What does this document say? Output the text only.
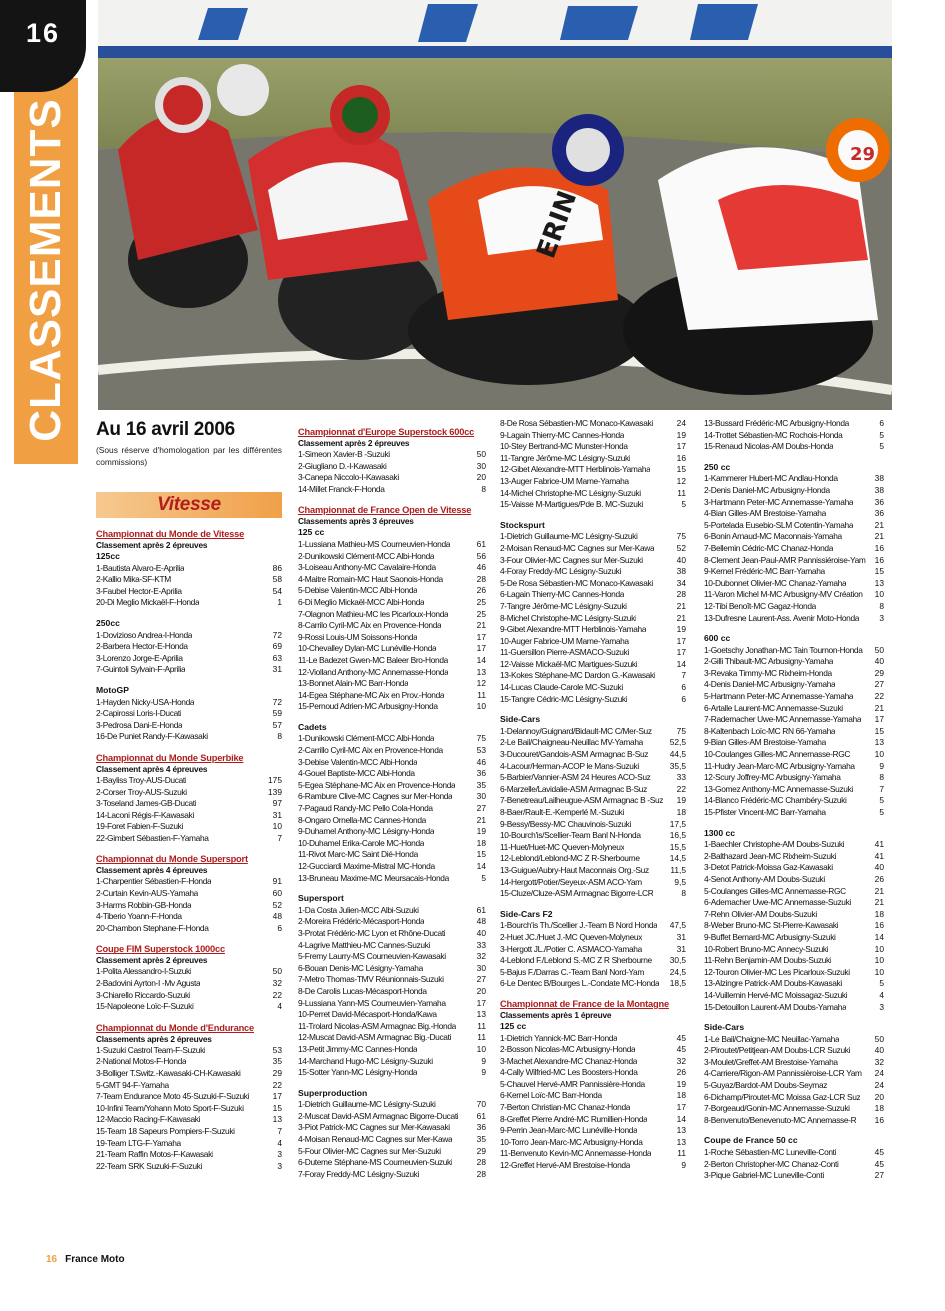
CLASSEMENTS
16
ERIN
29
Au 16 avril 2006
(Sous réserve d'homologation par les différentes commissions)
Vitesse
Championnat du Monde de Vitesse
Classement après 2 épreuves
125cc
1-Bautista Alvaro-E-Aprilia	86
2-Kallio Mika-SF-KTM	58
3-Faubel Hector-E-Aprilia	54
20-Di Meglio Mickaël-F-Honda	1
250cc
1-Dovizioso Andrea-I-Honda	72
2-Barbera Hector-E-Honda	69
3-Lorenzo Jorge-E-Aprilia	63
7-Guintoli Sylvain-F-Aprilia	31
MotoGP
1-Hayden Nicky-USA-Honda	72
2-Capirossi Loris-I-Ducati	59
3-Pedrosa Dani-E-Honda	57
16-De Puniet Randy-F-Kawasaki	8
Championnat du Monde Superbike
Classement après 4 épreuves
1-Bayliss Troy-AUS-Ducati	175
2-Corser Troy-AUS-Suzuki	139
3-Toseland James-GB-Ducati	97
14-Laconi Régis-F-Kawasaki	31
19-Foret Fabien-F-Suzuki	10
22-Gimbert Sébastien-F-Yamaha	7
Championnat du Monde Supersport
Classement après 4 épreuves
1-Charpentier Sébastien-F-Honda	91
2-Curtain Kevin-AUS-Yamaha	60
3-Harms Robbin-GB-Honda	52
4-Tiberio Yoann-F-Honda	48
20-Chambon Stephane-F-Honda	6
Coupe FIM Superstock 1000cc
Classement après 2 épreuves
1-Polita Alessandro-I-Suzuki	50
2-Badovini Ayrton-I -Mv Agusta	32
3-Chiarello Riccardo-Suzuki	22
15-Napoleone Loïc-F-Suzuki	4
Championnat du Monde d'Endurance
Classements après 2 épreuves
1-Suzuki Castrol Team-F-Suzuki	53
2-National Motos-F-Honda	35
3-Bolliger T.Switz.-Kawasaki-CH-Kawasaki	29
5-GMT 94-F-Yamaha	22
7-Team Endurance Moto 45-Suzuki-F-Suzuki	17
10-Infini Team/Yohann Moto Sport-F-Suzuki	15
12-Maccio Racing-F-Kawasaki	13
15-Team 18 Sapeurs Pompiers-F-Suzuki	7
19-Team LTG-F-Yamaha	4
21-Team Raffin Motos-F-Kawasaki	3
22-Team SRK Suzuki-F-Suzuki	3
Championnat d'Europe Superstock 600cc
Classement après 2 épreuves
1-Simeon Xavier-B -Suzuki	50
2-Giugliano D.-I-Kawasaki	30
3-Canepa Niccolo-I-Kawasaki	20
14-Millet Franck-F-Honda	8
Championnat de France Open de Vitesse
Classements après 3 épreuves
125 cc
1-Lussiana Mathieu-MS Courneuvien-Honda	61
2-Dunikowski Clément-MCC Albi-Honda	56
3-Loiseau Anthony-MC Cavalaire-Honda	46
4-Maitre Romain-MC Haut Saonois-Honda	28
5-Debise Valentin-MCC Albi-Honda	26
6-Di Meglio Mickaël-MCC Albi-Honda	25
7-Olagnon Mathieu-MC les Picarloux-Honda	25
8-Carrilo Cyril-MC Aix en Provence-Honda	21
9-Rossi Louis-UM Soissons-Honda	17
10-Chevalley Dylan-MC Lunéville-Honda	17
11-Le Badezet Gwen-MC Baleer Bro-Honda	14
12-Violland Anthony-MC Annemasse-Honda	13
13-Bonnet Alain-MC Barr-Honda	12
14-Egea Stéphane-MC Aix en Prov.-Honda	11
15-Pernoud Adrien-MC Arbusigny-Honda	10
Cadets
1-Dunikowski Clément-MCC Albi-Honda	75
2-Carrillo Cyril-MC Aix en Provence-Honda	53
3-Debise Valentin-MCC Albi-Honda	46
4-Gouel Baptiste-MCC Albi-Honda	36
5-Egea Stéphane-MC Aix en Provence-Honda	35
6-Rambure Clive-MC Cagnes sur Mer-Honda	30
7-Pagaud Randy-MC Pello Cola-Honda	27
8-Ongaro Ornella-MC Cannes-Honda	21
9-Duhamel Anthony-MC Lésigny-Honda	19
10-Duhamel Erika-Carole MC-Honda	18
11-Rivot Marc-MC Saint Dié-Honda	15
12-Gucciardi Maxime-Mistral MC-Honda	14
13-Bruneau Maxime-MC Meursacais-Honda	5
Supersport
1-Da Costa Julien-MCC Albi-Suzuki	61
2-Moreira Frédéric-Mécasport-Honda	48
3-Protat Frédéric-MC Lyon et Rhône-Ducati	40
4-Lagrive Matthieu-MC Cannes-Suzuki	33
5-Fremy Laurry-MS Courneuvien-Kawasaki	32
6-Bouan Denis-MC Lésigny-Yamaha	30
7-Metro Thomas-TMV Réunionnais-Suzuki	27
8-De Carolis Lucas-Mécasport-Honda	20
9-Lussiana Yann-MS Courneuvien-Yamaha	17
10-Perret David-Mécasport-Honda/Kawa	13
11-Trolard Nicolas-ASM Armagnac Big.-Honda	11
12-Muscat David-ASM Armagnac Big.-Ducati	11
13-Petit Jimmy-MC Cannes-Honda	10
14-Marchand Hugo-MC Lésigny-Suzuki	9
15-Sotter Yann-MC Lésigny-Honda	9
Superproduction
1-Dietrich Guillaume-MC Lésigny-Suzuki	70
2-Muscat David-ASM Armagnac Bigorre-Ducati	61
3-Piot Patrick-MC Cagnes sur Mer-Kawasaki	36
4-Moisan Renaud-MC Cagnes sur Mer-Kawa	35
5-Four Olivier-MC Cagnes sur Mer-Suzuki	29
6-Duteme Stéphane-MS Courneuvien-Suzuki	28
7-Foray Freddy-MC Lésigny-Suzuki	28
8-De Rosa Sébastien-MC Monaco-Kawasaki	24
9-Lagain Thierry-MC Cannes-Honda	19
10-Stey Bertrand-MC Munster-Honda	17
11-Tangre Jérôme-MC Lésigny-Suzuki	16
12-Gibet Alexandre-MTT Herblinois-Yamaha	15
13-Auger Fabrice-UM Marne-Yamaha	12
14-Michel Christophe-MC Lésigny-Suzuki	11
15-Vaisse M-Martigues/Pde B. MC-Suzuki	5
Stockspurt
1-Dietrich Guillaume-MC Lésigny-Suzuki	75
2-Moisan Renaud-MC Cagnes sur Mer-Kawa	52
3-Four Olivier-MC Cagnes sur Mer-Suzuki	40
4-Foray Freddy-MC Lésigny-Suzuki	38
5-De Rosa Sébastien-MC Monaco-Kawasaki	34
6-Lagain Thierry-MC Cannes-Honda	28
7-Tangre Jérôme-MC Lésigny-Suzuki	21
8-Michel Christophe-MC Lésigny-Suzuki	21
9-Gibet Alexandre-MTT Herblinois-Yamaha	19
10-Auger Fabrice-UM Marne-Yamaha	17
11-Guersillon Pierre-ASMACO-Suzuki	17
12-Vaisse Mickaël-MC Martigues-Suzuki	14
13-Kokes Stéphane-MC Dardon G.-Kawasaki	7
14-Lucas Claude-Carole MC-Suzuki	6
15-Tangre Cédric-MC Lésigny-Suzuki	6
Side-Cars
1-Delannoy/Guignard/Bidault-MC C/Mer-Suz	75
2-Le Bail/Chaigneau-Neuillac MV-Yamaha	52,5
3-Ducouret/Gandois-ASM Armagnac B-Suz	44,5
4-Lacour/Herman-ACOP le Mans-Suzuki	35,5
5-Barbier/Vannier-ASM 24 Heures ACO-Suz	33
6-Marzelle/Lavidalie-ASM Armagnac B-Suz	22
7-Benetreau/Lailheugue-ASM Armagnac B -Suz	19
8-Baer/Rault-E.-Kemperlé M.-Suzuki	18
9-Bessy/Bessy-MC Chauvinois-Suzuki	17,5
10-Bourch'is/Scellier-Team Banl N-Honda	16,5
11-Huet/Huet-MC Queven-Molyneux	15,5
12-Leblond/Leblond-MC Z R-Sherbourne	14,5
13-Guigue/Aubry-Haut Maconnais Org.-Suz	11,5
14-Hergott/Potier/Seyeux-ASM ACO-Yam	9,5
15-Cluze/Cluze-ASM Armagnac Bigorre-LCR	8
Side-Cars F2
1-Bourch'is Th./Scellier J.-Team B Nord Honda 47,5
2-Huet JC./Huet J.-MC Queven-Molyneux	31
3-Hergott JL./Potier C. ASMACO-Yamaha	31
4-Leblond F./Leblond S.-MC Z R Sherbourne 30,5
5-Bajus F./Darras C.-Team Banl Nord-Yam	24,5
6-Le Dentec B/Bourges L.-Condate MC-Honda 18,5
Championnat de France de la Montagne
Classements après 1 épreuve
125 cc
1-Dietrich Yannick-MC Barr-Honda	45
2-Bosson Nicolas-MC Arbusigny-Honda	45
3-Machet Alexandre-MC Chanaz-Honda	32
4-Cally Wilfried-MC Les Boosters-Honda	26
5-Chauvel Hervé-AMR Pannissière-Honda	19
6-Kernel Loïc-MC Barr-Honda	18
7-Berton Christian-MC Chanaz-Honda	17
8-Greffet Pierre André-MC Rumillien-Honda	14
9-Perrin Jean-Marc-MC Lunéville-Honda	13
10-Torro Jean-Marc-MC Arbusigny-Honda	13
11-Benvenuto Kevin-MC Annemasse-Honda	11
12-Greffet Hervé-AM Brestoise-Honda	9
13-Bussard Frédéric-MC Arbusigny-Honda	6
14-Trottet Sébastien-MC Rochois-Honda	5
15-Renaud Nicolas-AM Doubs-Honda	5
250 cc
1-Kammerer Hubert-MC Andlau-Honda	38
2-Denis Daniel-MC Arbusigny-Honda	38
3-Hartmann Peter-MC Annemasse-Yamaha	36
4-Bian Gilles-AM Brestoise-Yamaha	36
5-Portelada Eusebio-SLM Cotentin-Yamaha	21
6-Bonin Arnaud-MC Maconnais-Yamaha	21
7-Bellemin Cédric-MC Chanaz-Honda	16
8-Clement Jean-Paul-AMR Pannissiéroise-Yam	16
9-Kernel Frédéric-MC Barr-Yamaha	15
10-Dubonnet Olivier-MC Chanaz-Yamaha	13
11-Varon Michel M-MC Arbusigny-MV Création	10
12-Tibi Benoît-MC Gagaz-Honda	8
13-Dufresne Laurent-Ass. Avenir Moto-Honda	3
600 cc
1-Goetschy Jonathan-MC Tain Tournon-Honda	50
2-Gilli Thibault-MC Arbusigny-Yamaha	40
3-Revaka Timmy-MC Rixheim-Honda	29
4-Denis Daniel-MC Arbusigny-Yamaha	27
5-Hartmann Peter-MC Annemasse-Yamaha	22
6-Artalle Laurent-MC Annemasse-Suzuki	21
7-Rademacher Uwe-MC Annemasse-Yamaha	17
8-Kaltenbach Loïc-MC RN 66-Yamaha	15
9-Bian Gilles-AM Brestoise-Yamaha	13
10-Coulanges Gilles-MC Annemasse-RGC	10
11-Hudry Jean-Marc-MC Arbusigny-Yamaha	9
12-Scury Joffrey-MC Arbusigny-Yamaha	8
13-Gomez Anthony-MC Annemasse-Suzuki	7
14-Blanco Frédéric-MC Chambéry-Suzuki	5
15-Pfister Vincent-MC Barr-Yamaha	5
1300 cc
1-Baechler Christophe-AM Doubs-Suzuki	41
2-Balthazard Jean-MC Rixheim-Suzuki	41
3-Detot Patrick-Moissa Gaz-Kawasaki	40
4-Senot Anthony-AM Doubs-Suzuki	26
5-Coulanges Gilles-MC Annemasse-RGC	21
6-Ademacher Uwe-MC Annemasse-Suzuki	21
7-Rehn Olivier-AM Doubs-Suzuki	18
8-Weber Bruno-MC St-Pierre-Kawasaki	16
9-Buffet Bernard-MC Arbusigny-Suzuki	14
10-Robert Bruno-MC Annecy-Suzuki	10
11-Rehn Benjamin-AM Doubs-Suzuki	10
12-Touron Olivier-MC Les Picarloux-Suzuki	10
13-Alzingre Patrick-AM Doubs-Kawasaki	5
14-Vuillemin Hervé-MC Moissagaz-Suzuki	4
15-Detouillon Laurent-AM Doubs-Yamaha	3
Side-Cars
1-Le Bail/Chaigne-MC Neuillac-Yamaha	50
2-Piroutet/Petitjean-AM Doubs-LCR Suzuki	40
3-Moulet/Greffet-AM Brestoise-Yamaha	32
4-Carriere/Rigon-AM Pannissièroise-LCR Yam	24
5-Guyaz/Bardot-AM Doubs-Seymaz	24
6-Dichamp/Piroutet-MC Moissa Gaz-LCR Suz	20
7-Borgeaud/Gonin-MC Annemasse-Suzuki	18
8-Benvenuto/Benevenuto-MC Annemasse-R	16
Coupe de France 50 cc
1-Roche Sébastien-MC Luneville-Conti	45
2-Berton Christopher-MC Chanaz-Conti	45
3-Pique Gabriel-MC Luneville-Conti	27
16 France Moto
